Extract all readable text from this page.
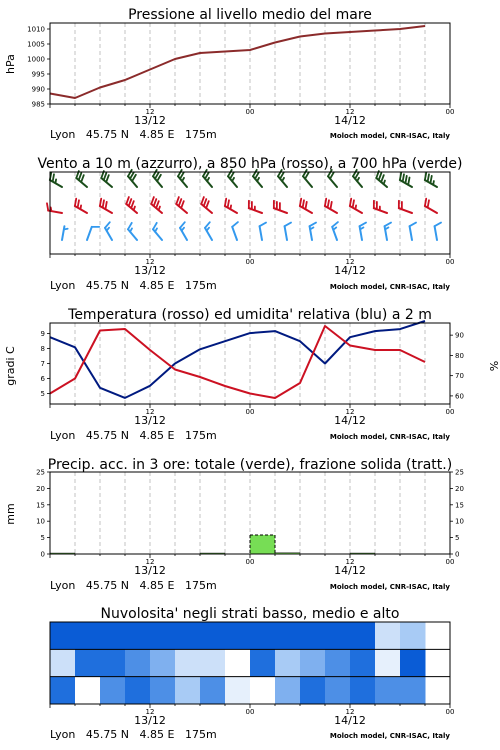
Pressione al livello medio del mare
hPa
Lyon   45.75 N   4.85 E   175m	Moloch model, CNR-ISAC, Italy
985
990
995
1000
1005
1010
12	00	12	00
13/12	14/12
Vento a 10 m (azzurro), a 850 hPa (rosso), a 700 hPa (verde)
Lyon   45.75 N   4.85 E   175m	Moloch model, CNR-ISAC, Italy
12	00	12	00
13/12	14/12
Temperatura (rosso) ed umidita' relativa (blu) a 2 m
gradi C	%
Lyon   45.75 N   4.85 E   175m	Moloch model, CNR-ISAC, Italy
5
6
7
8
9
60
70
80
90
12	00	12	00
13/12	14/12
Precip. acc. in 3 ore: totale (verde), frazione solida (tratt.)
mm
Lyon   45.75 N   4.85 E   175m	Moloch model, CNR-ISAC, Italy
0
5
10
15
20
25
0
5
10
15
20
25
12	00	12	00
13/12	14/12
Nuvolosita' negli strati basso, medio e alto
Lyon   45.75 N   4.85 E   175m	Moloch model, CNR-ISAC, Italy
12	00	12	00
13/12	14/12
